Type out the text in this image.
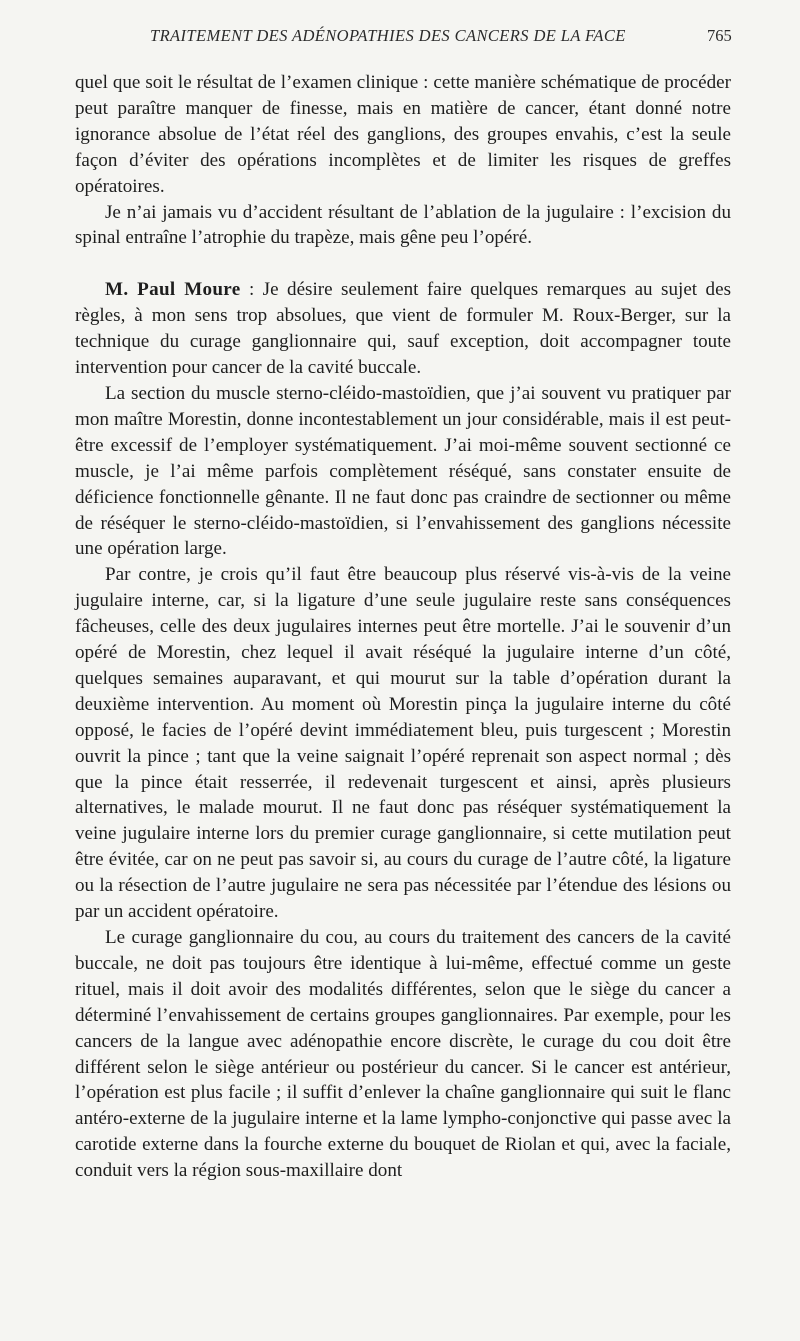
TRAITEMENT DES ADÉNOPATHIES DES CANCERS DE LA FACE	765

quel que soit le résultat de l’examen clinique : cette manière schématique de procéder peut paraître manquer de finesse, mais en matière de cancer, étant donné notre ignorance absolue de l’état réel des ganglions, des groupes envahis, c’est la seule façon d’éviter des opérations incomplètes et de limiter les risques de greffes opératoires.

Je n’ai jamais vu d’accident résultant de l’ablation de la jugulaire : l’excision du spinal entraîne l’atrophie du trapèze, mais gêne peu l’opéré.

M. Paul Moure : Je désire seulement faire quelques remarques au sujet des règles, à mon sens trop absolues, que vient de formuler M. Roux-Berger, sur la technique du curage ganglionnaire qui, sauf exception, doit accompagner toute intervention pour cancer de la cavité buccale.

La section du muscle sterno-cléido-mastoïdien, que j’ai souvent vu pratiquer par mon maître Morestin, donne incontestablement un jour considérable, mais il est peut-être excessif de l’employer systématiquement. J’ai moi-même souvent sectionné ce muscle, je l’ai même parfois complètement réséqué, sans constater ensuite de déficience fonctionnelle gênante. Il ne faut donc pas craindre de sectionner ou même de réséquer le sterno-cléido-mastoïdien, si l’envahissement des ganglions nécessite une opération large.

Par contre, je crois qu’il faut être beaucoup plus réservé vis-à-vis de la veine jugulaire interne, car, si la ligature d’une seule jugulaire reste sans conséquences fâcheuses, celle des deux jugulaires internes peut être mortelle. J’ai le souvenir d’un opéré de Morestin, chez lequel il avait réséqué la jugulaire interne d’un côté, quelques semaines auparavant, et qui mourut sur la table d’opération durant la deuxième intervention. Au moment où Morestin pinça la jugulaire interne du côté opposé, le facies de l’opéré devint immédiatement bleu, puis turgescent ; Morestin ouvrit la pince ; tant que la veine saignait l’opéré reprenait son aspect normal ; dès que la pince était resserrée, il redevenait turgescent et ainsi, après plusieurs alternatives, le malade mourut. Il ne faut donc pas réséquer systématiquement la veine jugulaire interne lors du premier curage ganglionnaire, si cette mutilation peut être évitée, car on ne peut pas savoir si, au cours du curage de l’autre côté, la ligature ou la résection de l’autre jugulaire ne sera pas nécessitée par l’étendue des lésions ou par un accident opératoire.

Le curage ganglionnaire du cou, au cours du traitement des cancers de la cavité buccale, ne doit pas toujours être identique à lui-même, effectué comme un geste rituel, mais il doit avoir des modalités différentes, selon que le siège du cancer a déterminé l’envahissement de certains groupes ganglionnaires. Par exemple, pour les cancers de la langue avec adénopathie encore discrète, le curage du cou doit être différent selon le siège antérieur ou postérieur du cancer. Si le cancer est antérieur, l’opération est plus facile ; il suffit d’enlever la chaîne ganglionnaire qui suit le flanc antéro-externe de la jugulaire interne et la lame lympho-conjonctive qui passe avec la carotide externe dans la fourche externe du bouquet de Riolan et qui, avec la faciale, conduit vers la région sous-maxillaire dont
